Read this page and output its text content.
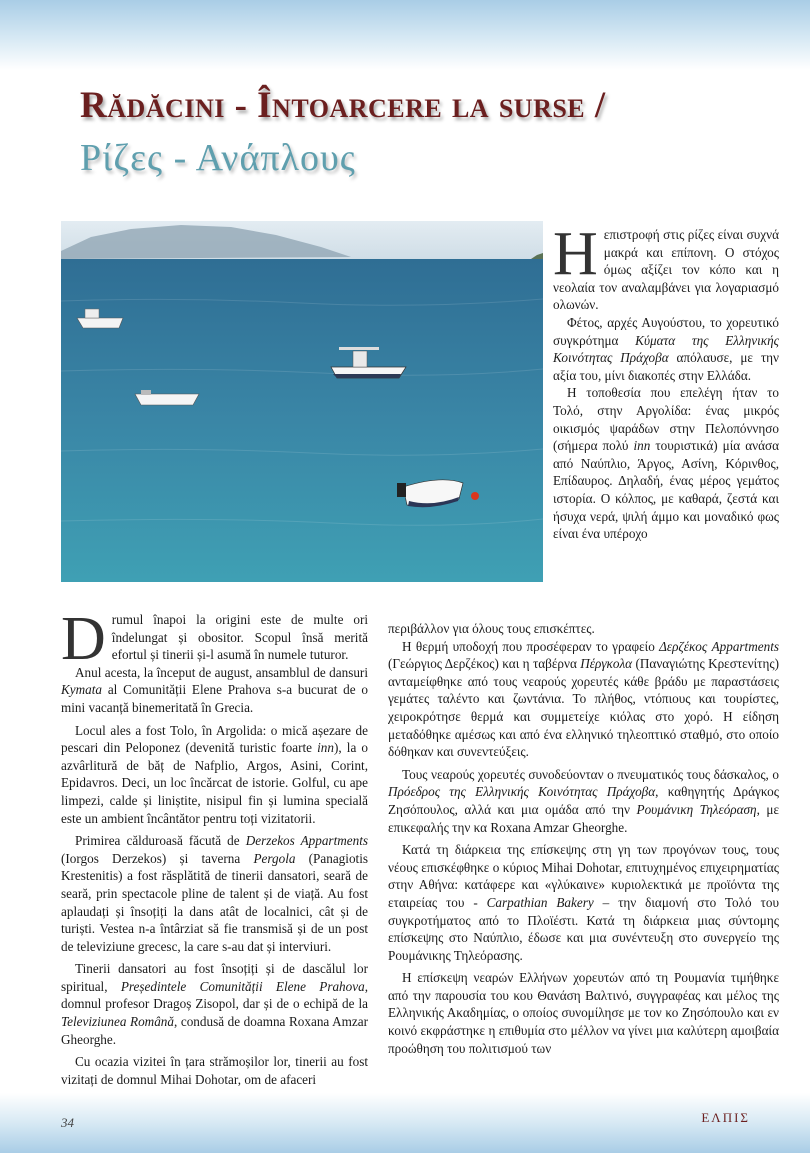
Rădăcini - Întoarcere la surse /
Ρίζες - Ανάπλους

Η επιστροφή στις ρίζες είναι συχνά μακρά και επίπονη. Ο στόχος όμως αξίζει τον κόπο και η νεολαία τον αναλαμβάνει για λογαριασμό ολωνών.

Φέτος, αρχές Αυγούστου, το χορευτικό συγκρότημα Κύματα της Ελληνικής Κοινότητας Πράχοβα απόλαυσε, με την αξία του, μίνι διακοπές στην Ελλάδα.

Η τοποθεσία που επελέγη ήταν το Τολό, στην Αργολίδα: ένας μικρός οικισμός ψαράδων στην Πελοπόννησο (σήμερα πολύ inn τουριστικά) μία ανάσα από Ναύπλιο, Άργος, Ασίνη, Κόρινθος, Επίδαυρος. Δηλαδή, ένας μέρος γεμάτος ιστορία. Ο κόλπος, με καθαρά, ζεστά και ήσυχα νερά, ψιλή άμμο και μοναδικό φως είναι ένα υπέροχο

περιβάλλον για όλους τους επισκέπτες.

Η θερμή υποδοχή που προσέφεραν το γραφείο Δερζέκος Appartments (Γεώργιος Δερζέκος) και η ταβέρνα Πέργκολα (Παναγιώτης Κρεστενίτης) ανταμείφθηκε από τους νεαρούς χορευτές κάθε βράδυ με παραστάσεις γεμάτες ταλέντο και ζωντάνια. Το πλήθος, ντόπιους και τουρίστες, χειροκρότησε θερμά και συμμετείχε κιόλας στο χορό. Η είδηση μεταδόθηκε αμέσως και από ένα ελληνικό τηλεοπτικό σταθμό, στο οποίο δόθηκαν και συνεντεύξεις.

Τους νεαρούς χορευτές συνοδεύονταν ο πνευματικός τους δάσκαλος, ο Πρόεδρος της Ελληνικής Κοινότητας Πράχοβα, καθηγητής Δράγκος Ζησόπουλος, αλλά και μια ομάδα από την Ρουμάνικη Τηλεόραση, με επικεφαλής την κα Roxana Amzar Gheorghe.

Κατά τη διάρκεια της επίσκεψης στη γη των προγόνων τους, τους νέους επισκέφθηκε ο κύριος Mihai Dohotar, επιτυχημένος επιχειρηματίας στην Αθήνα: κατάφερε και «γλύκαινε» κυριολεκτικά με προϊόντα της εταιρείας του - Carpathian Bakery – την διαμονή στο Τολό του συγκροτήματος από το Πλοϊέστι. Κατά τη διάρκεια μιας σύντομης επίσκεψης στο Ναύπλιο, έδωσε και μια συνέντευξη στο συνεργείο της Ρουμάνικης Τηλεόρασης.

Η επίσκεψη νεαρών Ελλήνων χορευτών από τη Ρουμανία τιμήθηκε από την παρουσία του κου Θανάση Βαλτινό, συγγραφέας και μέλος της Ελληνικής Ακαδημίας, ο οποίος συνομίλησε με τον κο Ζησόπουλο και εν κοινό εκφράστηκε η επιθυμία στο μέλλον να γίνει μια καλύτερη αμοιβαία προώθηση του πολιτισμού των

Drumul înapoi la origini este de multe ori îndelungat și obositor. Scopul însă merită efortul și tinerii și-l asumă în numele tuturor.

Anul acesta, la început de august, ansamblul de dansuri Kymata al Comunității Elene Prahova s-a bucurat de o mini vacanță binemeritată în Grecia.

Locul ales a fost Tolo, în Argolida: o mică așezare de pescari din Peloponez (devenită turistic foarte inn), la o azvârlitură de băț de Nafplio, Argos, Asini, Corint, Epidavros. Deci, un loc încărcat de istorie. Golful, cu ape limpezi, calde și liniștite, nisipul fin și lumina specială este un ambient încântător pentru toți vizitatorii.

Primirea călduroasă făcută de Derzekos Appartments (Iorgos Derzekos) și taverna Pergola (Panagiotis Krestenitis) a fost răsplătită de tinerii dansatori, seară de seară, prin spectacole pline de talent și de viață. Au fost aplaudați și însoțiți la dans atât de localnici, cât și de turiști. Vestea n-a întârziat să fie transmisă și de un post de televiziune grecesc, la care s-au dat și interviuri.

Tinerii dansatori au fost însoțiți și de dascălul lor spiritual, Președintele Comunității Elene Prahova, domnul profesor Dragoș Zisopol, dar și de o echipă de la Televiziunea Română, condusă de doamna Roxana Amzar Gheorghe.

Cu ocazia vizitei în țara strămoșilor lor, tinerii au fost vizitați de domnul Mihai Dohotar, om de afaceri

34	ΕΛΠΙΣ
